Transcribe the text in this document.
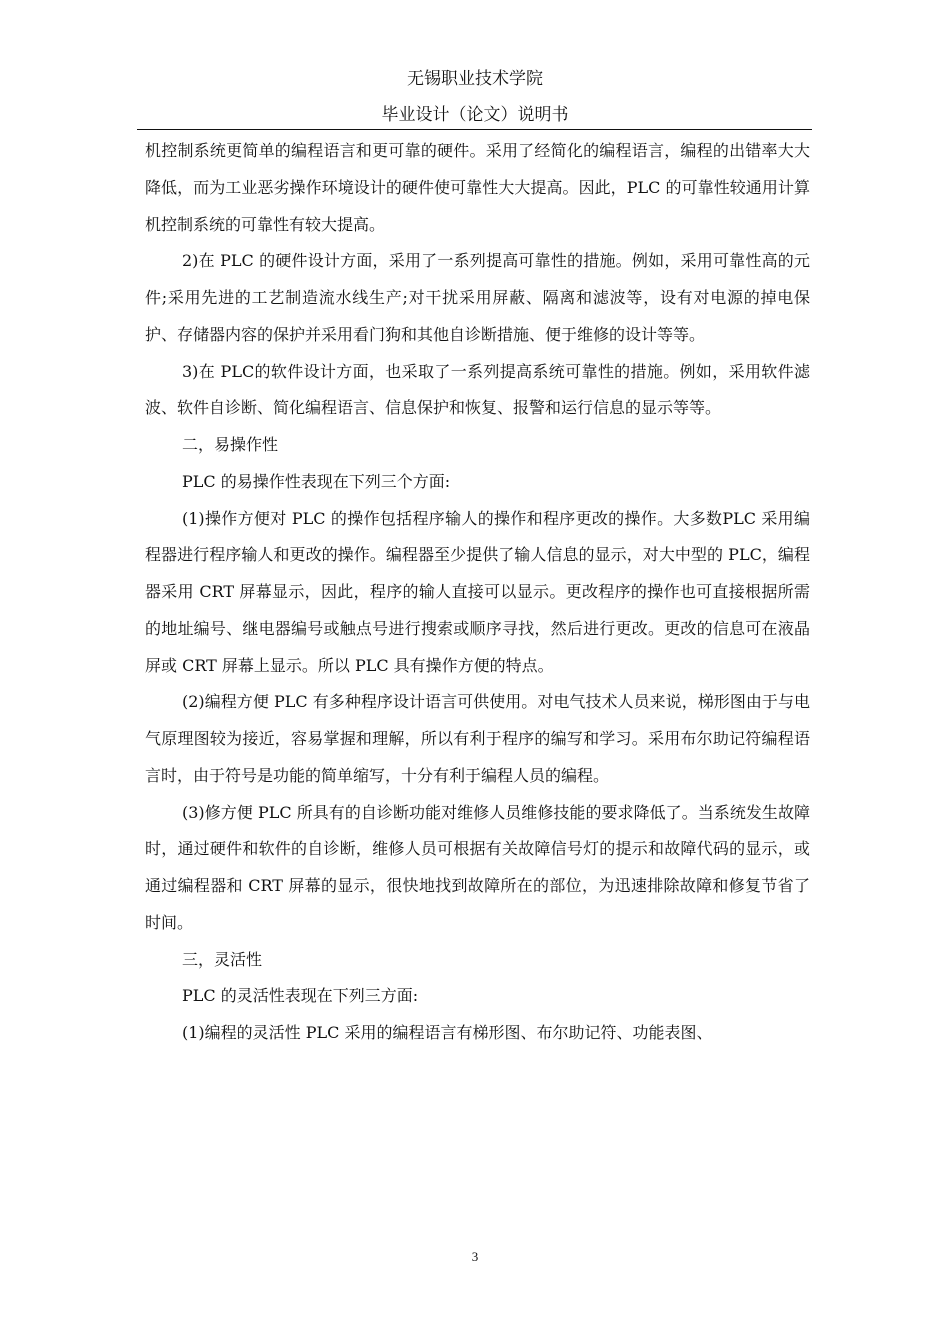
无锡职业技术学院
毕业设计（论文）说明书

机控制系统更简单的编程语言和更可靠的硬件。采用了经简化的编程语言，编程的出错率大大降低，而为工业恶劣操作环境设计的硬件使可靠性大大提高。因此，PLC 的可靠性较通用计算机控制系统的可靠性有较大提高。

2)在 PLC 的硬件设计方面，采用了一系列提高可靠性的措施。例如，采用可靠性高的元件;采用先进的工艺制造流水线生产;对干扰采用屏蔽、隔离和滤波等，设有对电源的掉电保护、存储器内容的保护并采用看门狗和其他自诊断措施、便于维修的设计等等。

3)在 PLC的软件设计方面，也采取了一系列提高系统可靠性的措施。例如，采用软件滤波、软件自诊断、简化编程语言、信息保护和恢复、报警和运行信息的显示等等。

二，易操作性

PLC 的易操作性表现在下列三个方面:

(1)操作方便对 PLC 的操作包括程序输人的操作和程序更改的操作。大多数PLC 采用编程器进行程序输人和更改的操作。编程器至少提供了输人信息的显示，对大中型的 PLC，编程器采用 CRT 屏幕显示，因此，程序的输人直接可以显示。更改程序的操作也可直接根据所需的地址编号、继电器编号或触点号进行搜索或顺序寻找，然后进行更改。更改的信息可在液晶屏或 CRT 屏幕上显示。所以 PLC 具有操作方便的特点。

(2)编程方便 PLC 有多种程序设计语言可供使用。对电气技术人员来说，梯形图由于与电气原理图较为接近，容易掌握和理解，所以有利于程序的编写和学习。采用布尔助记符编程语言时，由于符号是功能的简单缩写，十分有利于编程人员的编程。

(3)修方便 PLC 所具有的自诊断功能对维修人员维修技能的要求降低了。当系统发生故障时，通过硬件和软件的自诊断，维修人员可根据有关故障信号灯的提示和故障代码的显示，或通过编程器和 CRT 屏幕的显示，很快地找到故障所在的部位，为迅速排除故障和修复节省了时间。

三，灵活性

PLC 的灵活性表现在下列三方面:

(1)编程的灵活性 PLC 采用的编程语言有梯形图、布尔助记符、功能表图、

3
